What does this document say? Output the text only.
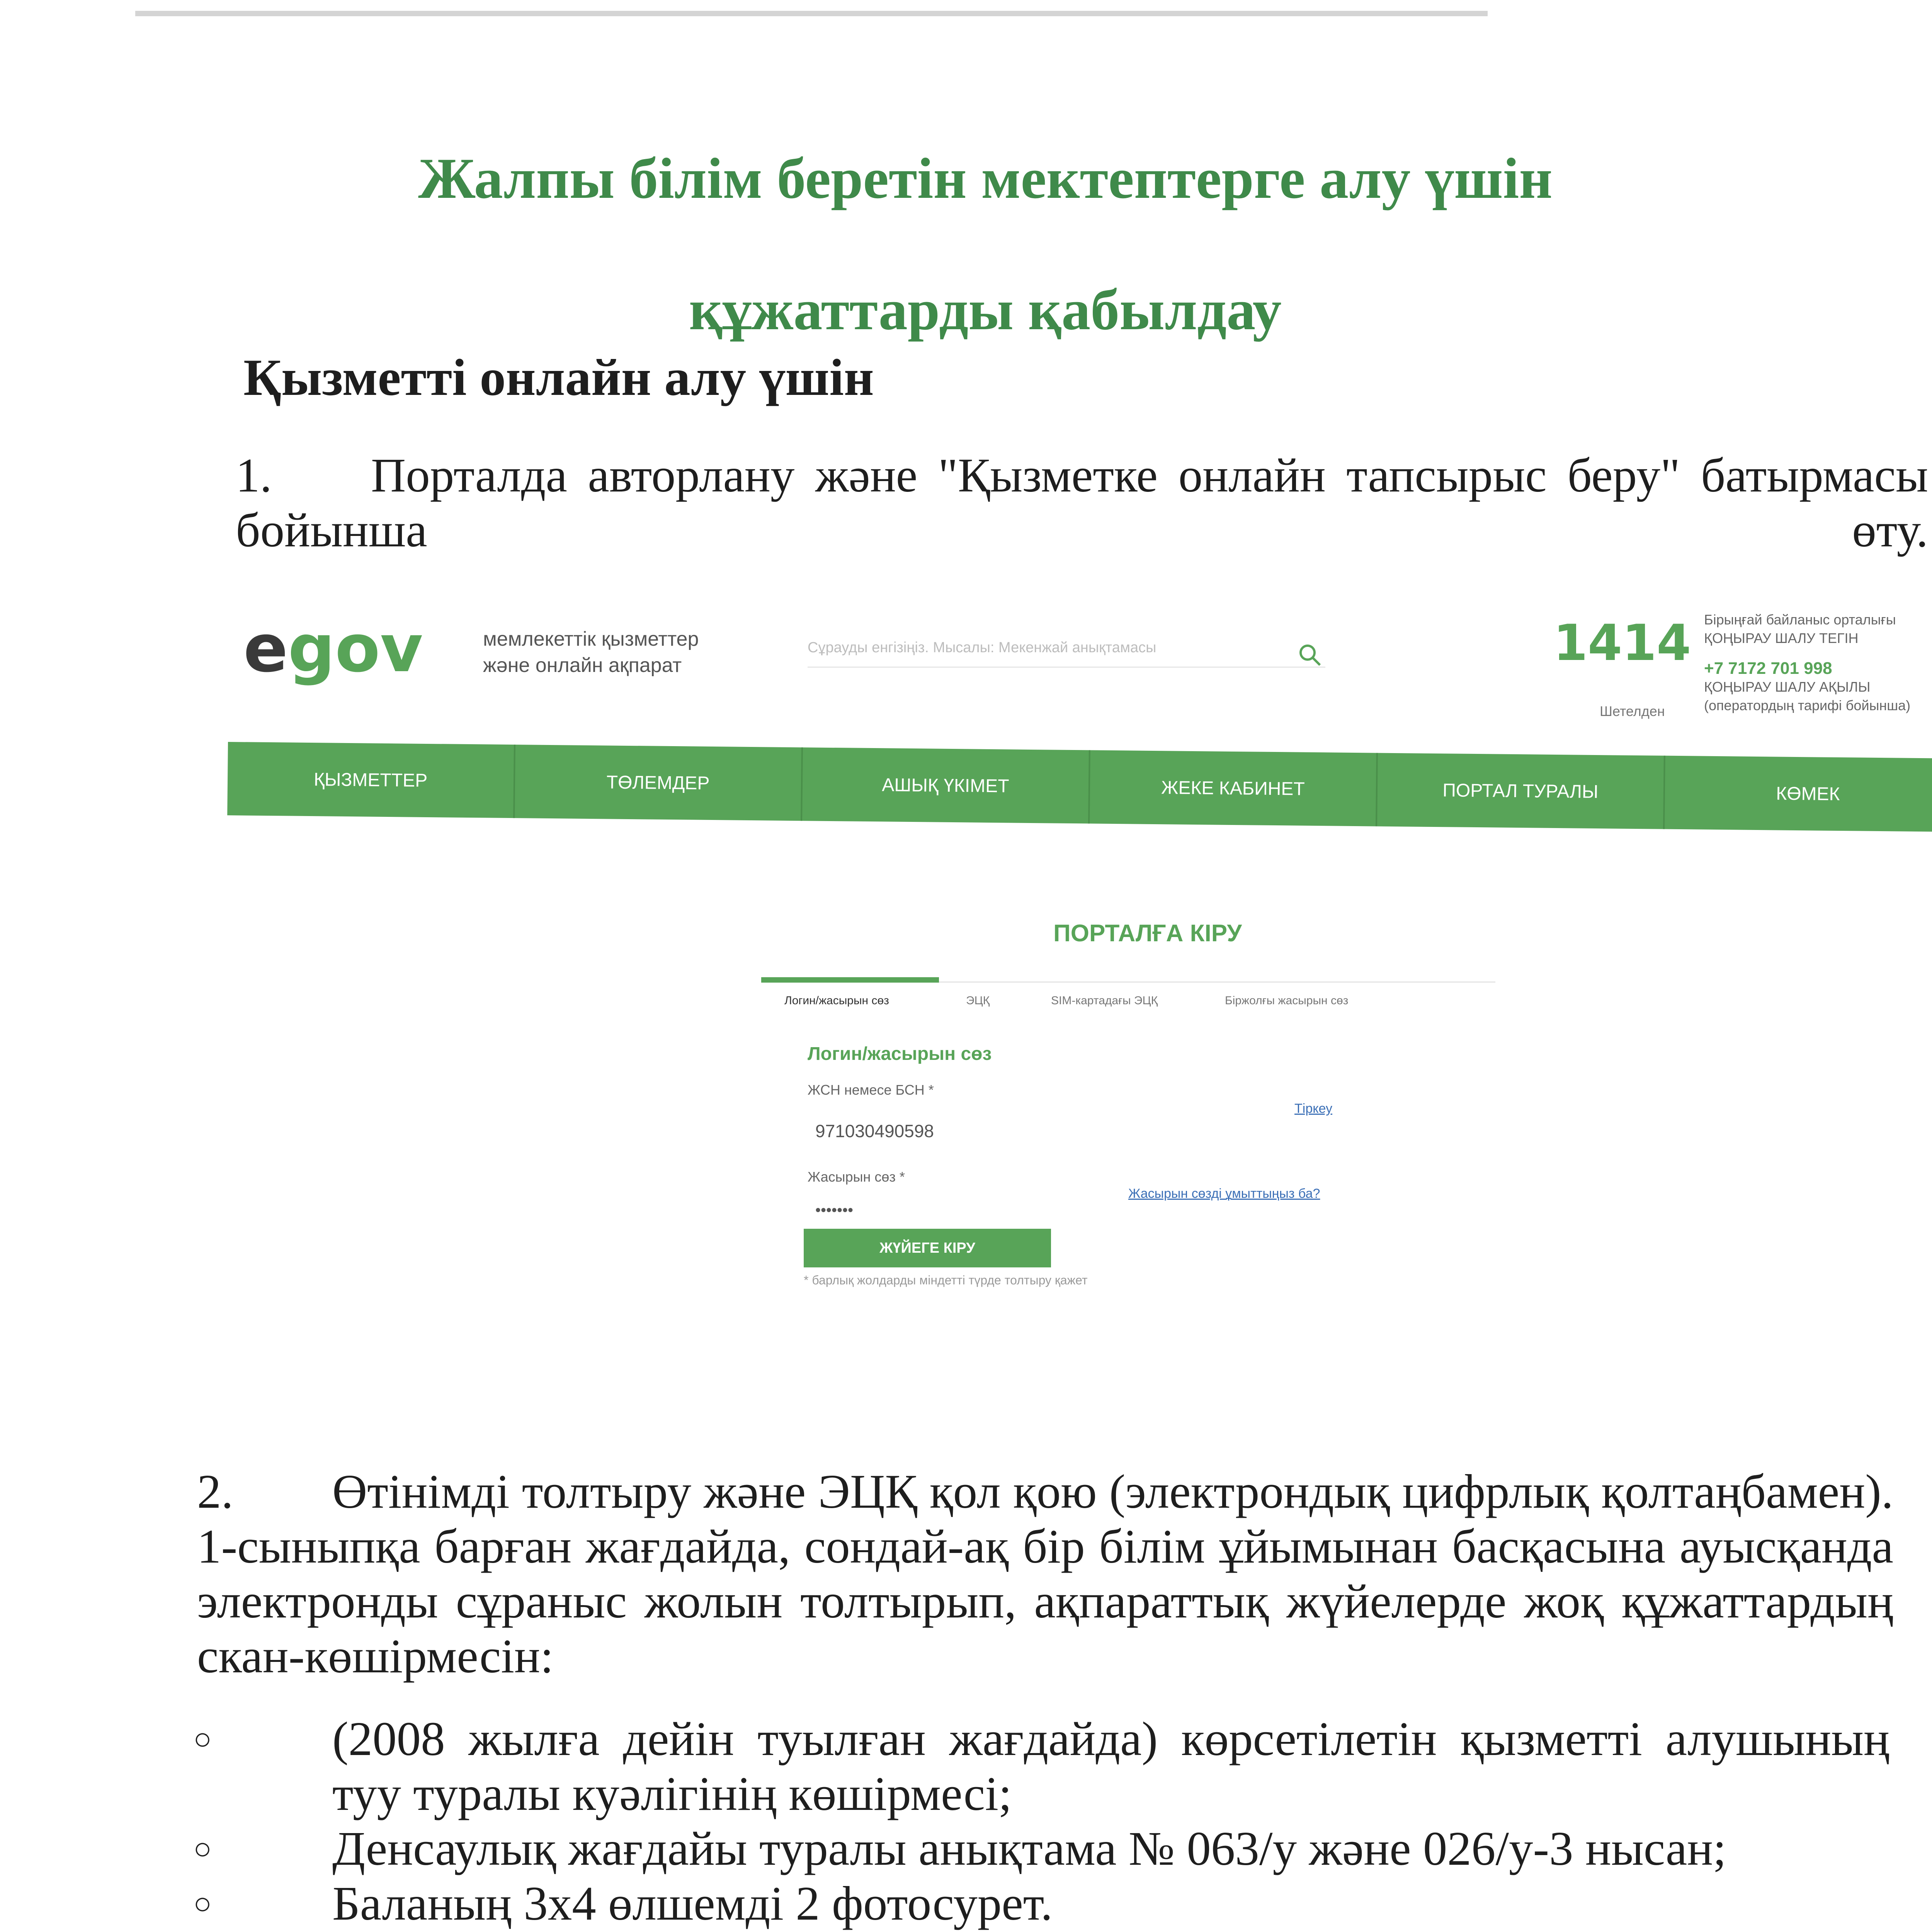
Жалпы білім беретін мектептерге алу үшін
құжаттарды қабылдау

Қызметті онлайн алу үшін

1. Порталда авторлану және "Қызметке онлайн тапсырыс беру" батырмасы бойынша өту.

egov	мемлекеттік қызметтер
және онлайн ақпарат
Сұрауды енгізіңіз. Мысалы: Мекенжай анықтамасы	1414
Шетелден
Бірыңғай байланыс орталығы
ҚОҢЫРАУ ШАЛУ ТЕГІН
+7 7172 701 998
ҚОҢЫРАУ ШАЛУ АҚЫЛЫ
(оператордың тарифі бойынша)
ҚЫЗМЕТТЕР	ТӨЛЕМДЕР	АШЫҚ ҮКІМЕТ	ЖЕКЕ КАБИНЕТ	ПОРТАЛ ТУРАЛЫ	КӨМЕК
ПОРТАЛҒА КІРУ
Логин/жасырын сөз	ЭЦҚ	SIM-картадағы ЭЦҚ	Біржолғы жасырын сөз
Логин/жасырын сөз
ЖСН немесе БСН *
971030490598
Тіркеу
Жасырын сөз *
Жасырын сөзді ұмыттыңыз ба?
ЖҮЙЕГЕ КІРУ
•••••••
* барлық жолдарды міндетті түрде толтыру қажет

2. Өтінімді толтыру және ЭЦҚ қол қою (электрондық цифрлық қолтаңбамен). 1-сыныпқа барған жағдайда, сондай-ақ бір білім ұйымынан басқасына ауысқанда электронды сұраныс жолын толтырып, ақпараттық жүйелерде жоқ құжаттардың скан-көшірмесін:

○ (2008 жылға дейін туылған жағдайда) көрсетілетін қызметті алушының туу туралы куәлігінің көшірмесі;
○ Денсаулық жағдайы туралы анықтама № 063/у және 026/у-3 нысан;
○ Баланың 3х4 өлшемді 2 фотосурет.
